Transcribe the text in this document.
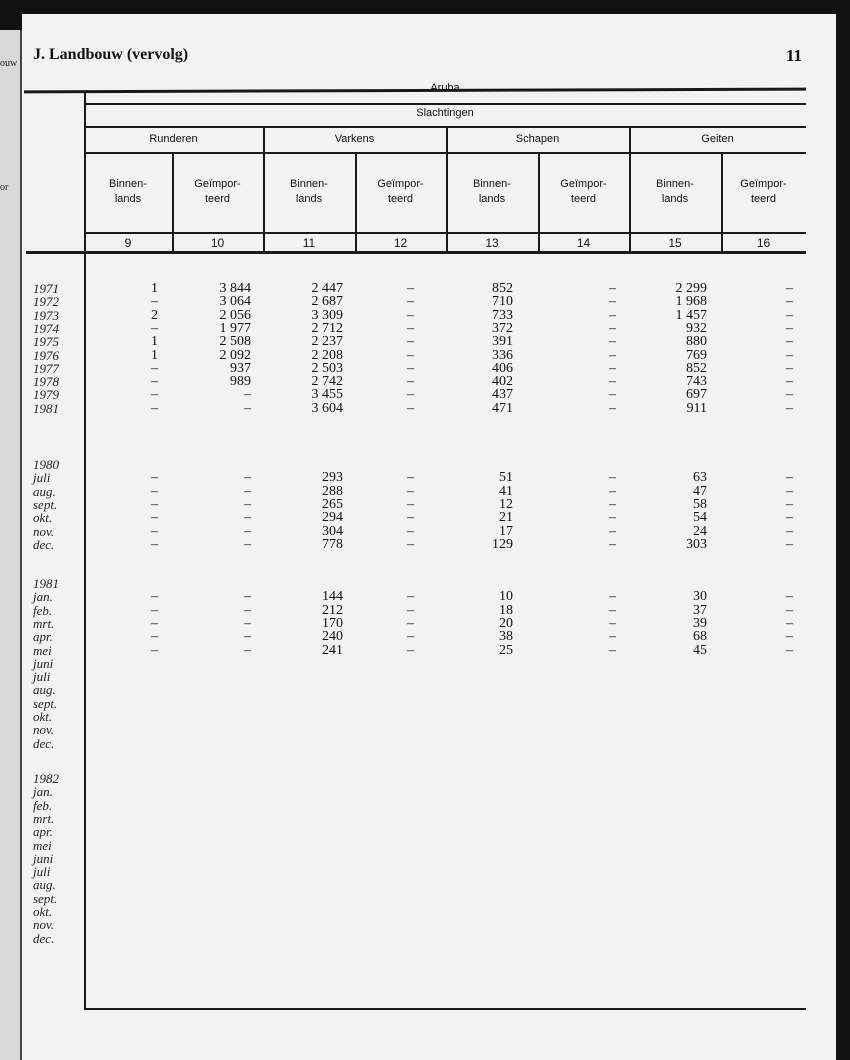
ouw
or
J. Landbouw (vervolg)	11
Aruba
Slachtingen
Runderen	Varkens	Schapen	Geiten
Binnen-
lands
Geïmpor-
teerd
Binnen-
lands
Geïmpor-
teerd
Binnen-
lands
Geïmpor-
teerd
Binnen-
lands
Geïmpor-
teerd
9	10	11	12	13	14	15	16
1971	1	3 844	2 447	–	852	–	2 299	–
1972	–	3 064	2 687	–	710	–	1 968	–
1973	2	2 056	3 309	–	733	–	1 457	–
1974	–	1 977	2 712	–	372	–	932	–
1975	1	2 508	2 237	–	391	–	880	–
1976	1	2 092	2 208	–	336	–	769	–
1977	–	937	2 503	–	406	–	852	–
1978	–	989	2 742	–	402	–	743	–
1979	–	–	3 455	–	437	–	697	–
1981	–	–	3 604	–	471	–	911	–
1980
juli	–	–	293	–	51	–	63	–
aug.	–	–	288	–	41	–	47	–
sept.	–	–	265	–	12	–	58	–
okt.	–	–	294	–	21	–	54	–
nov.	–	–	304	–	17	–	24	–
dec.	–	–	778	–	129	–	303	–
1981
jan.	–	–	144	–	10	–	30	–
feb.	–	–	212	–	18	–	37	–
mrt.	–	–	170	–	20	–	39	–
apr.	–	–	240	–	38	–	68	–
mei	–	–	241	–	25	–	45	–
juni
juli
aug.
sept.
okt.
nov.
dec.
1982
jan.
feb.
mrt.
apr.
mei
juni
juli
aug.
sept.
okt.
nov.
dec.
